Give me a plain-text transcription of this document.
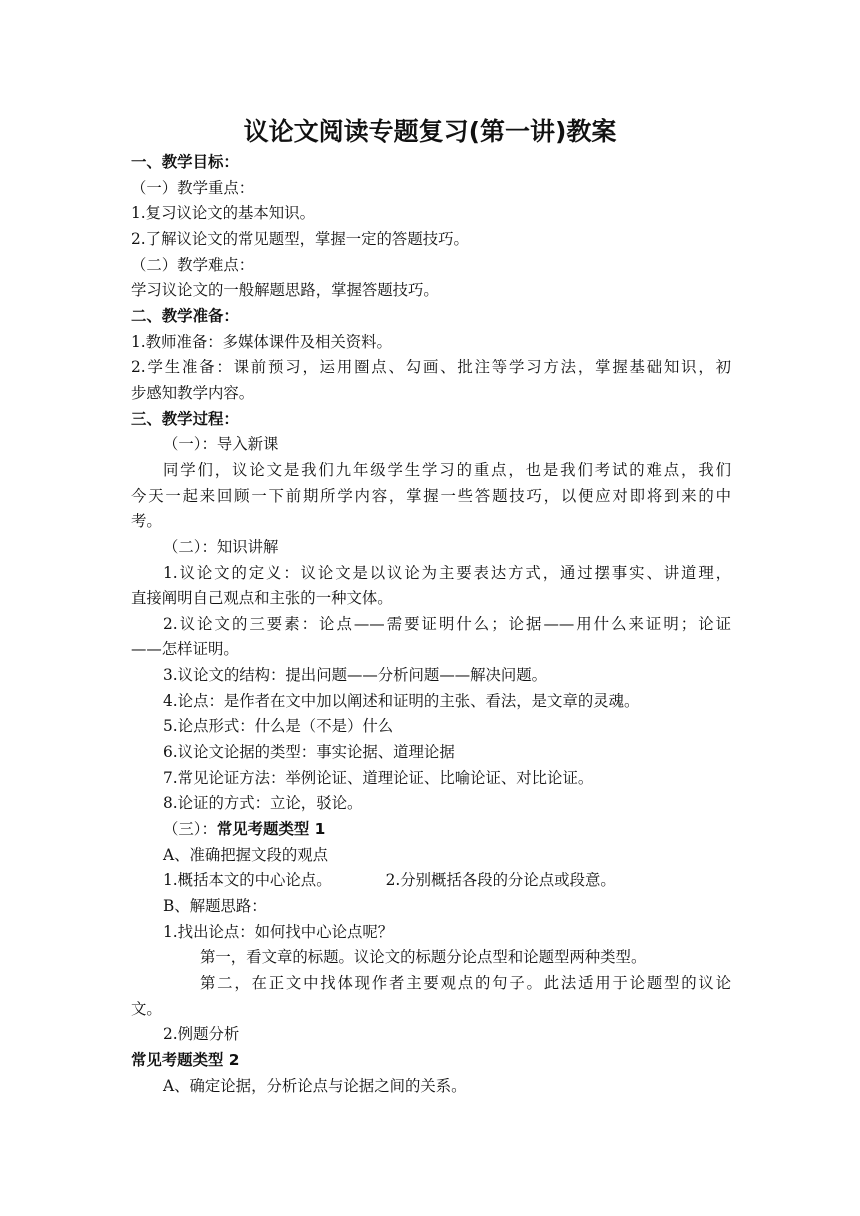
议论文阅读专题复习(第一讲)教案
一、教学目标：
（一）教学重点：
1.复习议论文的基本知识。
2.了解议论文的常见题型，掌握一定的答题技巧。
（二）教学难点：
学习议论文的一般解题思路，掌握答题技巧。
二、教学准备：
1.教师准备：多媒体课件及相关资料。
2.学生准备：课前预习，运用圈点、勾画、批注等学习方法，掌握基础知识，初
步感知教学内容。
三、教学过程：
（一）：导入新课
同学们，议论文是我们九年级学生学习的重点，也是我们考试的难点，我们
今天一起来回顾一下前期所学内容，掌握一些答题技巧，以便应对即将到来的中
考。
（二）：知识讲解
1.议论文的定义：议论文是以议论为主要表达方式，通过摆事实、讲道理，
直接阐明自己观点和主张的一种文体。
2.议论文的三要素：论点——需要证明什么；论据——用什么来证明；论证
——怎样证明。
3.议论文的结构：提出问题——分析问题——解决问题。
4.论点：是作者在文中加以阐述和证明的主张、看法，是文章的灵魂。
5.论点形式：什么是（不是）什么
6.议论文论据的类型：事实论据、道理论据
7.常见论证方法：举例论证、道理论证、比喻论证、对比论证。
8.论证的方式：立论，驳论。
（三）：常见考题类型 1
A、准确把握文段的观点
1.概括本文的中心论点。	2.分别概括各段的分论点或段意。
B、解题思路：
1.找出论点：如何找中心论点呢？
第一，看文章的标题。议论文的标题分论点型和论题型两种类型。
第二，在正文中找体现作者主要观点的句子。此法适用于论题型的议论
文。
2.例题分析
常见考题类型 2
A、确定论据，分析论点与论据之间的关系。
